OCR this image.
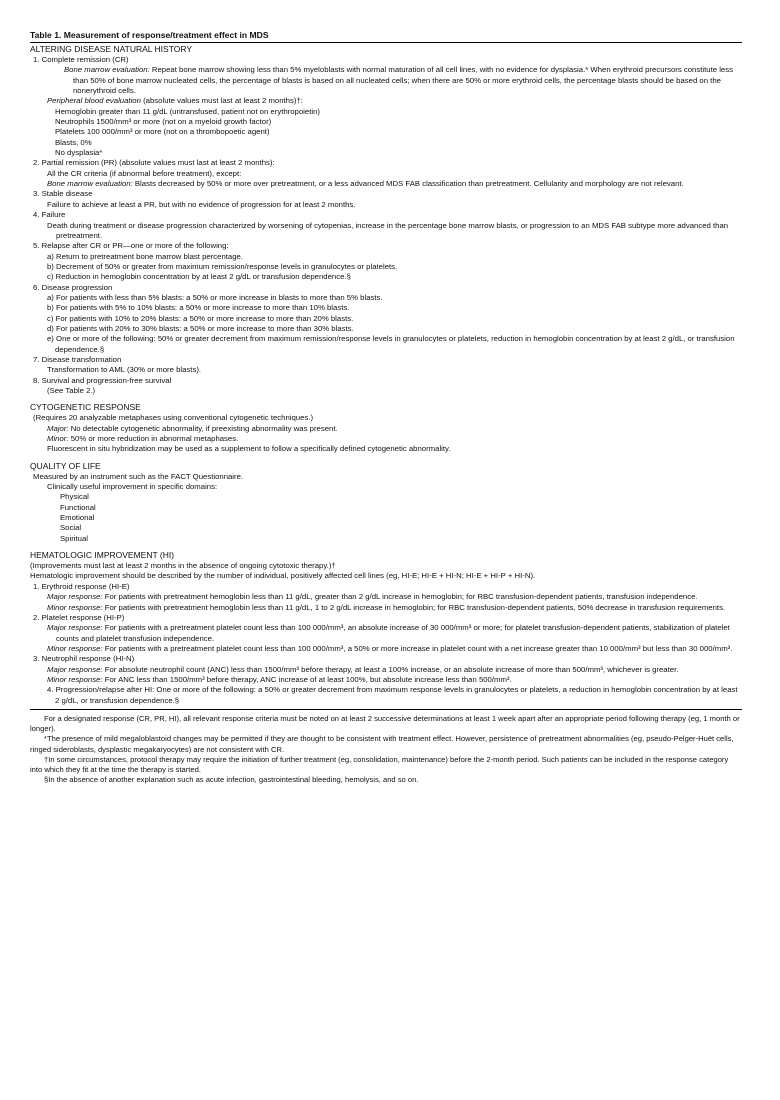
Table 1. Measurement of response/treatment effect in MDS
ALTERING DISEASE NATURAL HISTORY
1. Complete remission (CR)
Bone marrow evaluation: Repeat bone marrow showing less than 5% myeloblasts with normal maturation of all cell lines, with no evidence for dysplasia.* When erythroid precursors constitute less than 50% of bone marrow nucleated cells, the percentage of blasts is based on all nucleated cells; when there are 50% or more erythroid cells, the percentage blasts should be based on the nonerythroid cells.
Peripheral blood evaluation (absolute values must last at least 2 months)†:
Hemoglobin greater than 11 g/dL (untransfused, patient not on erythropoietin)
Neutrophils 1500/mm³ or more (not on a myeloid growth factor)
Platelets 100 000/mm³ or more (not on a thrombopoetic agent)
Blasts, 0%
No dysplasia*
2. Partial remission (PR) (absolute values must last at least 2 months):
All the CR criteria (if abnormal before treatment), except:
Bone marrow evaluation: Blasts decreased by 50% or more over pretreatment, or a less advanced MDS FAB classification than pretreatment. Cellularity and morphology are not relevant.
3. Stable disease
Failure to achieve at least a PR, but with no evidence of progression for at least 2 months.
4. Failure
Death during treatment or disease progression characterized by worsening of cytopenias, increase in the percentage bone marrow blasts, or progression to an MDS FAB subtype more advanced than pretreatment.
5. Relapse after CR or PR—one or more of the following:
a) Return to pretreatment bone marrow blast percentage.
b) Decrement of 50% or greater from maximum remission/response levels in granulocytes or platelets.
c) Reduction in hemoglobin concentration by at least 2 g/dL or transfusion dependence.§
6. Disease progression
a) For patients with less than 5% blasts: a 50% or more increase in blasts to more than 5% blasts.
b) For patients with 5% to 10% blasts: a 50% or more increase to more than 10% blasts.
c) For patients with 10% to 20% blasts: a 50% or more increase to more than 20% blasts.
d) For patients with 20% to 30% blasts: a 50% or more increase to more than 30% blasts.
e) One or more of the following: 50% or greater decrement from maximum remission/response levels in granulocytes or platelets, reduction in hemoglobin concentration by at least 2 g/dL, or transfusion dependence.§
7. Disease transformation
Transformation to AML (30% or more blasts).
8. Survival and progression-free survival
(See Table 2.)
CYTOGENETIC RESPONSE
(Requires 20 analyzable metaphases using conventional cytogenetic techniques.)
Major: No detectable cytogenetic abnormality, if preexisting abnormality was present.
Minor: 50% or more reduction in abnormal metaphases.
Fluorescent in situ hybridization may be used as a supplement to follow a specifically defined cytogenetic abnormality.
QUALITY OF LIFE
Measured by an instrument such as the FACT Questionnaire.
Clinically useful improvement in specific domains:
Physical
Functional
Emotional
Social
Spiritual
HEMATOLOGIC IMPROVEMENT (HI)
(Improvements must last at least 2 months in the absence of ongoing cytotoxic therapy.)†
Hematologic improvement should be described by the number of individual, positively affected cell lines (eg, HI-E; HI-E + HI-N; HI-E + HI-P + HI-N).
1. Erythroid response (HI-E)
Major response: For patients with pretreatment hemoglobin less than 11 g/dL, greater than 2 g/dL increase in hemoglobin; for RBC transfusion-dependent patients, transfusion independence.
Minor response: For patients with pretreatment hemoglobin less than 11 g/dL, 1 to 2 g/dL increase in hemoglobin; for RBC transfusion-dependent patients, 50% decrease in transfusion requirements.
2. Platelet response (HI-P)
Major response: For patients with a pretreatment platelet count less than 100 000/mm³, an absolute increase of 30 000/mm³ or more; for platelet transfusion-dependent patients, stabilization of platelet counts and platelet transfusion independence.
Minor response: For patients with a pretreatment platelet count less than 100 000/mm³, a 50% or more increase in platelet count with a net increase greater than 10 000/mm³ but less than 30 000/mm³.
3. Neutrophil response (HI-N)
Major response: For absolute neutrophil count (ANC) less than 1500/mm³ before therapy, at least a 100% increase, or an absolute increase of more than 500/mm³, whichever is greater.
Minor response: For ANC less than 1500/mm³ before therapy, ANC increase of at least 100%, but absolute increase less than 500/mm³.
4. Progression/relapse after HI: One or more of the following: a 50% or greater decrement from maximum response levels in granulocytes or platelets, a reduction in hemoglobin concentration by at least 2 g/dL, or transfusion dependence.§
For a designated response (CR, PR, HI), all relevant response criteria must be noted on at least 2 successive determinations at least 1 week apart after an appropriate period following therapy (eg, 1 month or longer).
*The presence of mild megaloblastoid changes may be permitted if they are thought to be consistent with treatment effect. However, persistence of pretreatment abnormalities (eg, pseudo-Pelger-Huët cells, ringed sideroblasts, dysplastic megakaryocytes) are not consistent with CR.
†In some circumstances, protocol therapy may require the initiation of further treatment (eg, consolidation, maintenance) before the 2-month period. Such patients can be included in the response category into which they fit at the time the therapy is started.
§In the absence of another explanation such as acute infection, gastrointestinal bleeding, hemolysis, and so on.
